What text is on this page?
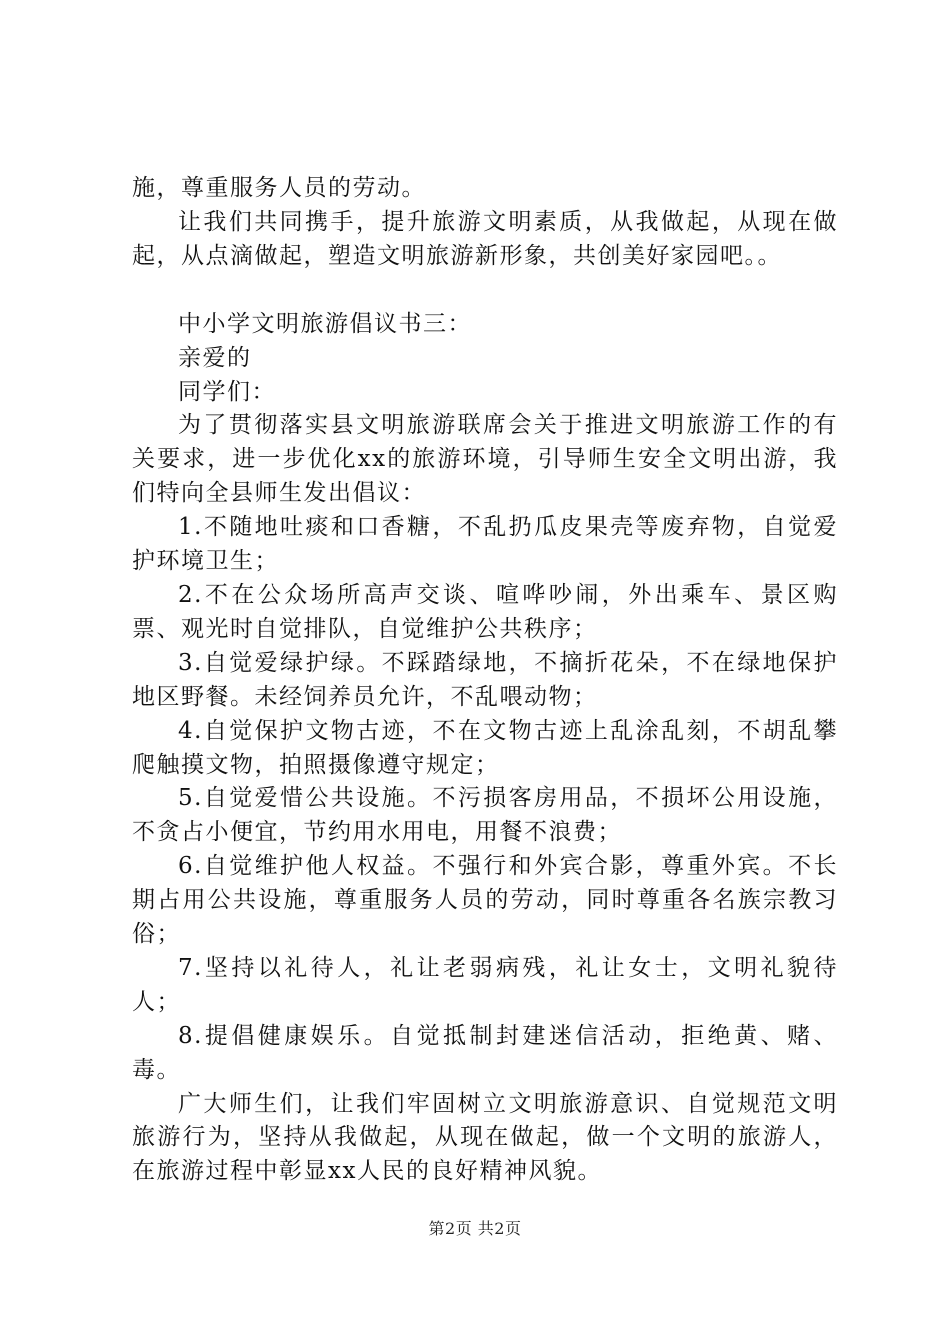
施，尊重服务人员的劳动。

让我们共同携手，提升旅游文明素质，从我做起，从现在做起，从点滴做起，塑造文明旅游新形象，共创美好家园吧。。

中小学文明旅游倡议书三：

亲爱的

同学们：

为了贯彻落实县文明旅游联席会关于推进文明旅游工作的有关要求，进一步优化xx的旅游环境，引导师生安全文明出游，我们特向全县师生发出倡议：

1.不随地吐痰和口香糖，不乱扔瓜皮果壳等废弃物，自觉爱护环境卫生；

2.不在公众场所高声交谈、喧哗吵闹，外出乘车、景区购票、观光时自觉排队，自觉维护公共秩序；

3.自觉爱绿护绿。不踩踏绿地，不摘折花朵，不在绿地保护地区野餐。未经饲养员允许，不乱喂动物；

4.自觉保护文物古迹，不在文物古迹上乱涂乱刻，不胡乱攀爬触摸文物，拍照摄像遵守规定；

5.自觉爱惜公共设施。不污损客房用品，不损坏公用设施，不贪占小便宜，节约用水用电，用餐不浪费；

6.自觉维护他人权益。不强行和外宾合影，尊重外宾。不长期占用公共设施，尊重服务人员的劳动，同时尊重各名族宗教习俗；

7.坚持以礼待人，礼让老弱病残，礼让女士，文明礼貌待人；

8.提倡健康娱乐。自觉抵制封建迷信活动，拒绝黄、赌、毒。

广大师生们，让我们牢固树立文明旅游意识、自觉规范文明旅游行为，坚持从我做起，从现在做起，做一个文明的旅游人，在旅游过程中彰显xx人民的良好精神风貌。

第2页 共2页
